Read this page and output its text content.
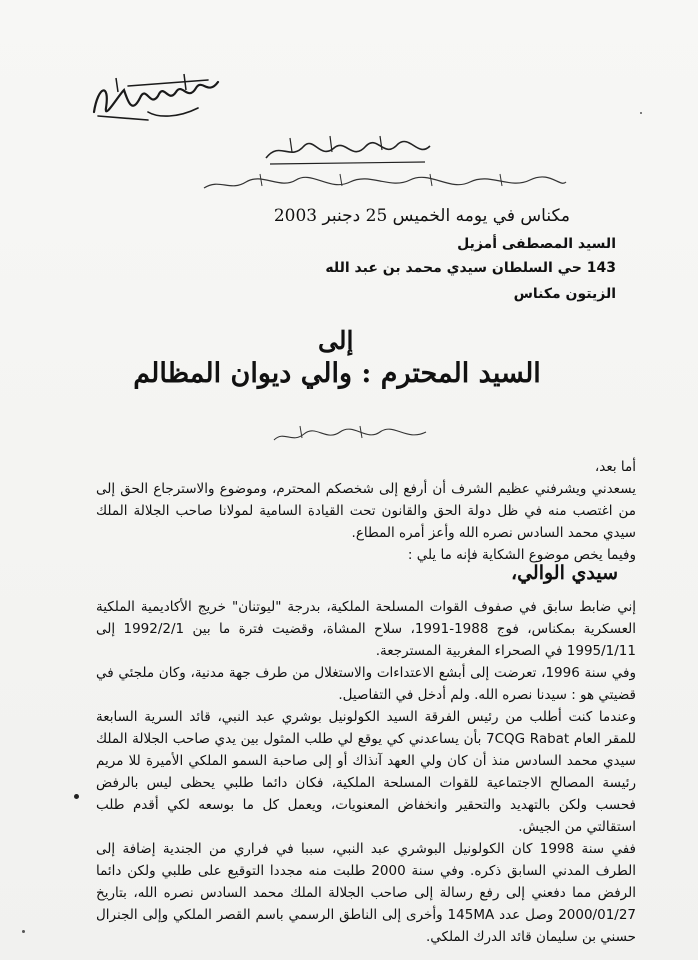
مكناس في يومه الخميس 25 دجنبر 2003
السيد المصطفى أمزيل
143 حي السلطان سيدي محمد بن عبد الله
الزيتون مكناس
إلى
السيد المحترم : والي ديوان المظالم

أما بعد،

يسعدني ويشرفني عظيم الشرف أن أرفع إلى شخصكم المحترم، وموضوع والاسترجاع الحق إلى من اغتصب منه في ظل دولة الحق والقانون تحت القيادة السامية لمولانا صاحب الجلالة الملك سيدي محمد السادس نصره الله وأعز أمره المطاع.

وفيما يخص موضوع الشكاية فإنه ما يلي :

سيدي الوالي،

إني ضابط سابق في صفوف القوات المسلحة الملكية، بدرجة "ليوتنان" خريج الأكاديمية الملكية العسكرية بمكناس، فوج 1988-1991، سلاح المشاة، وقضيت فترة ما بين 1992/2/1 إلى 1995/1/11 في الصحراء المغربية المسترجعة.

وفي سنة 1996، تعرضت إلى أبشع الاعتداءات والاستغلال من طرف جهة مدنية، وكان ملجئي في قضيتي هو : سيدنا نصره الله. ولم أدخل في التفاصيل.

وعندما كنت أطلب من رئيس الفرقة السيد الكولونيل بوشري عبد النبي، قائد السرية السابعة للمقر العام 7CQG Rabat بأن يساعدني كي يوقع لي طلب المثول بين يدي صاحب الجلالة الملك سيدي محمد السادس منذ أن كان ولي العهد آنذاك أو إلى صاحبة السمو الملكي الأميرة للا مريم رئيسة المصالح الاجتماعية للقوات المسلحة الملكية، فكان دائما طلبي يحظى ليس بالرفض فحسب ولكن بالتهديد والتحقير وانخفاض المعنويات، ويعمل كل ما بوسعه لكي أقدم طلب استقالتي من الجيش.

ففي سنة 1998 كان الكولونيل البوشري عبد النبي، سببا في فراري من الجندية إضافة إلى الطرف المدني السابق ذكره. وفي سنة 2000 طلبت منه مجددا التوقيع على طلبي ولكن دائما الرفض مما دفعني إلى رفع رسالة إلى صاحب الجلالة الملك محمد السادس نصره الله، بتاريخ 2000/01/27 وصل عدد 145MA وأخرى إلى الناطق الرسمي باسم القصر الملكي وإلى الجنرال حسني بن سليمان قائد الدرك الملكي.
